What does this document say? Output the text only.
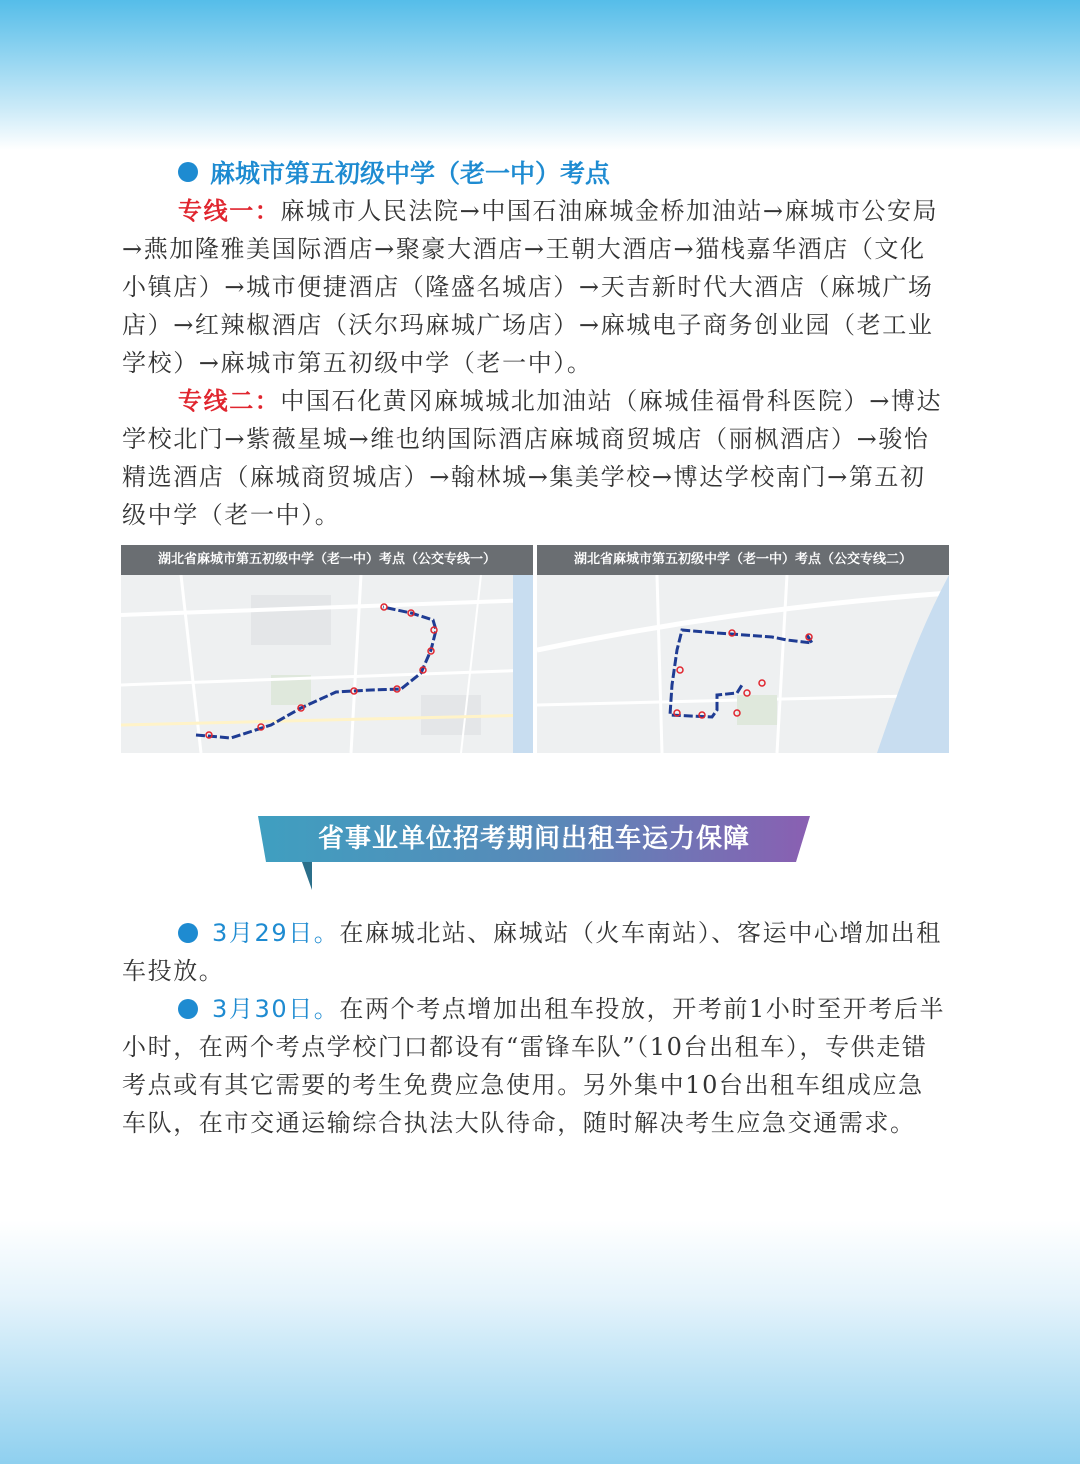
麻城市第五初级中学（老一中）考点

专线一：麻城市人民法院→中国石油麻城金桥加油站→麻城市公安局→燕加隆雅美国际酒店→聚豪大酒店→王朝大酒店→猫栈嘉华酒店（文化小镇店）→城市便捷酒店（隆盛名城店）→天吉新时代大酒店（麻城广场店）→红辣椒酒店（沃尔玛麻城广场店）→麻城电子商务创业园（老工业学校）→麻城市第五初级中学（老一中）。

专线二：中国石化黄冈麻城城北加油站（麻城佳福骨科医院）→博达学校北门→紫薇星城→维也纳国际酒店麻城商贸城店（丽枫酒店）→骏怡精选酒店（麻城商贸城店）→翰林城→集美学校→博达学校南门→第五初级中学（老一中）。

湖北省麻城市第五初级中学（老一中）考点（公交专线一）	湖北省麻城市第五初级中学（老一中）考点（公交专线二）
省事业单位招考期间出租车运力保障

3月29日。在麻城北站、麻城站（火车南站）、客运中心增加出租车投放。

3月30日。在两个考点增加出租车投放，开考前1小时至开考后半小时，在两个考点学校门口都设有“雷锋车队”（10台出租车），专供走错考点或有其它需要的考生免费应急使用。另外集中10台出租车组成应急车队，在市交通运输综合执法大队待命，随时解决考生应急交通需求。
